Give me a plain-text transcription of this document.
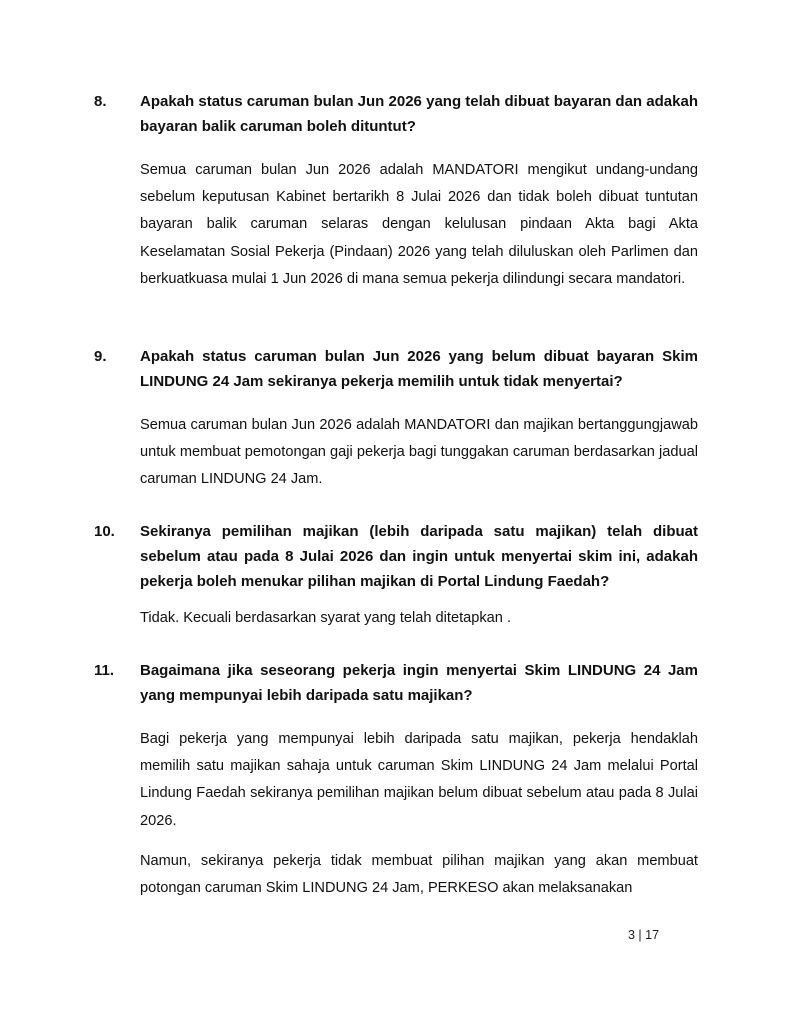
8. Apakah status caruman bulan Jun 2026 yang telah dibuat bayaran dan adakah bayaran balik caruman boleh dituntut?
Semua caruman bulan Jun 2026 adalah MANDATORI mengikut undang-undang sebelum keputusan Kabinet bertarikh 8 Julai 2026 dan tidak boleh dibuat tuntutan bayaran balik caruman selaras dengan kelulusan pindaan Akta bagi Akta Keselamatan Sosial Pekerja (Pindaan) 2026 yang telah diluluskan oleh Parlimen dan berkuatkuasa mulai 1 Jun 2026 di mana semua pekerja dilindungi secara mandatori.
9. Apakah status caruman bulan Jun 2026 yang belum dibuat bayaran Skim LINDUNG 24 Jam sekiranya pekerja memilih untuk tidak menyertai?
Semua caruman bulan Jun 2026 adalah MANDATORI dan majikan bertanggungjawab untuk membuat pemotongan gaji pekerja bagi tunggakan caruman berdasarkan jadual caruman LINDUNG 24 Jam.
10. Sekiranya pemilihan majikan (lebih daripada satu majikan) telah dibuat sebelum atau pada 8 Julai 2026 dan ingin untuk menyertai skim ini, adakah pekerja boleh menukar pilihan majikan di Portal Lindung Faedah?
Tidak. Kecuali berdasarkan syarat yang telah ditetapkan .
11. Bagaimana jika seseorang pekerja ingin menyertai Skim LINDUNG 24 Jam yang mempunyai lebih daripada satu majikan?
Bagi pekerja yang mempunyai lebih daripada satu majikan, pekerja hendaklah memilih satu majikan sahaja untuk caruman Skim LINDUNG 24 Jam melalui Portal Lindung Faedah sekiranya pemilihan majikan belum dibuat sebelum atau pada 8 Julai 2026.
Namun, sekiranya pekerja tidak membuat pilihan majikan yang akan membuat potongan caruman Skim LINDUNG 24 Jam, PERKESO akan melaksanakan
3 | 17
